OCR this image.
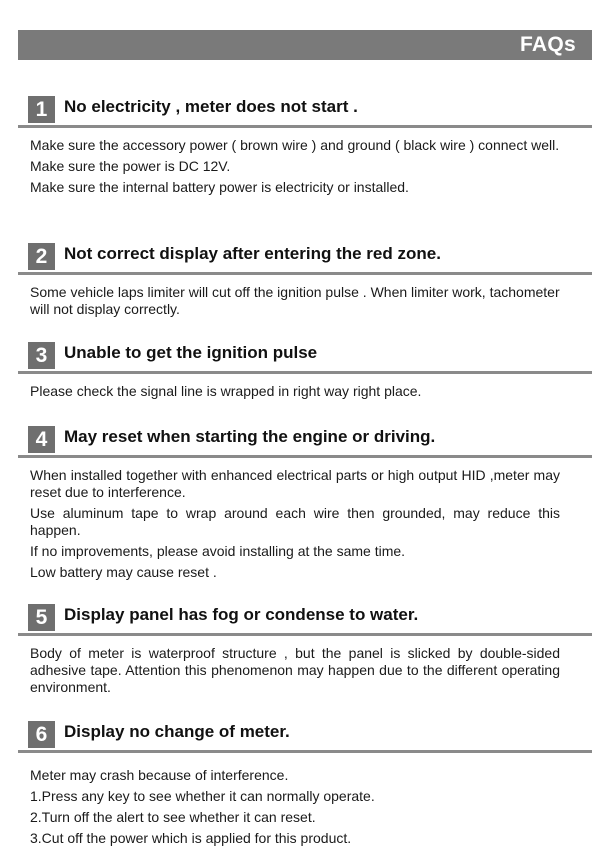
FAQs
1 No electricity , meter does not start .

Make sure the accessory power ( brown wire ) and ground ( black wire ) connect well.

Make sure the power is DC 12V.

Make sure the internal battery power is electricity or installed.

2 Not correct display after entering the red zone.

Some vehicle laps limiter will cut off the ignition pulse . When limiter work, tachometer will not display correctly.

3 Unable to get the ignition pulse

Please check the signal line is wrapped in right way right place.

4 May reset when starting the engine or driving.

When installed together with enhanced electrical parts or high output HID ,meter may reset due to interference.

Use aluminum tape to wrap around each wire then grounded, may reduce this happen.

If no improvements, please avoid installing at the same time.

Low battery may cause reset .

5 Display panel has fog or condense to water.

Body of meter is waterproof structure , but the panel is slicked by double-sided adhesive tape. Attention this phenomenon may happen due to the different operating environment.

6 Display no change of meter.

Meter may crash because of interference.

1.Press any key to see whether it can normally operate.

2.Turn off the alert to see whether it can reset.

3.Cut off the power which is applied for this product.
